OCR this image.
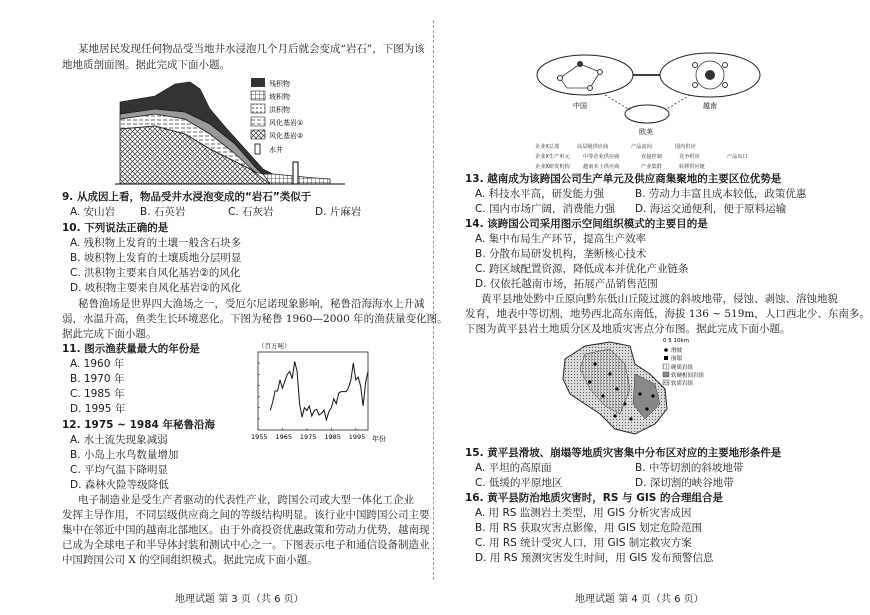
某地居民发现任何物品受当地井水浸泡几个月后就会变成“岩石”，下图为该
地地质剖面图。据此完成下面小题。
残积物
坡积物
洪积物
风化基岩①
风化基岩②
水井
9. 从成因上看，物品受井水浸泡变成的“岩石”类似于
A. 安山岩 B. 石英岩	C. 石灰岩	D. 片麻岩
10. 下列说法正确的是
A. 残积物上发育的土壤一般含石块多
B. 坡积物上发育的土壤质地分层明显
C. 洪积物主要来自风化基岩②的风化
D. 坡积物主要来自风化基岩②的风化
秘鲁渔场是世界四大渔场之一，受厄尔尼诺现象影响，秘鲁沿海海水上升减
弱，水温升高，鱼类生长环境恶化。下图为秘鲁 1960—2000 年的渔获量变化图。
据此完成下面小题。
11. 图示渔获量最大的年份是
A. 1960 年
B. 1970 年
C. 1985 年
D. 1995 年
12. 1975 ~ 1984 年秘鲁沿海
A. 水土流失现象减弱
B. 小岛上水鸟数量增加
C. 平均气温下降明显
D. 森林火险等级降低
（百万吨）
1955 1965 1975 1985 1995 年份
电子制造业是受生产者驱动的代表性产业，跨国公司或大型一体化工企业
发挥主导作用，不同层级供应商之间的等级结构明显。该行业中国跨国公司主要
集中在邻近中国的越南北部地区。由于外商投资优惠政策和劳动力优势，越南现
已成为全球电子和半导体封装和测试中心之一。下图表示电子和通信设备制造业
中国跨国公司 X 的空间组织模式。据此完成下面小题。
地理试题 第 3 页（共 6 页）
中国	越南
欧美
企业X总部	高层级供应商	产品流向	国内供应
企业X生产单元	中等企业供应商	直接控制	竞争供应	产品出口
企业X研发机构	越南本土供应商	产业集群	转移供应链
13. 越南成为该跨国公司生产单元及供应商集聚地的主要区位优势是
A. 科技水平高，研发能力强	B. 劳动力丰富且成本较低，政策优惠
C. 国内市场广阔，消费能力强 D. 海运交通便利，便于原料运输
14. 该跨国公司采用图示空间组织模式的主要目的是
A. 集中布局生产环节，提高生产效率
B. 分散布局研发机构，垄断核心技术
C. 跨区域配置资源，降低成本并优化产业链条
D. 仅依托越南市场，拓展产品销售范围
黄平县地处黔中丘原向黔东低山丘陵过渡的斜坡地带，侵蚀、剥蚀、溶蚀地貌
发育，地表中等切割，地势西北高东南低，海拔 136 ~ 519m，人口西北少、东南多。
下图为黄平县岩土地质分区及地质灾害点分布图。据此完成下面小题。
0 5 10km
滑坡
崩塌
硬质岩组
软硬相间岩组
软质岩组
15. 黄平县滑坡、崩塌等地质灾害集中分布区对应的主要地形条件是
A. 平坦的高原面	B. 中等切割的斜坡地带
C. 低缓的平原地区	D. 深切割的峡谷地带
16. 黄平县防治地质灾害时，RS 与 GIS 的合理组合是
A. 用 RS 监测岩土类型，用 GIS 分析灾害成因
B. 用 RS 获取灾害点影像，用 GIS 划定危险范围
C. 用 RS 统计受灾人口，用 GIS 制定救灾方案
D. 用 RS 预测灾害发生时间，用 GIS 发布预警信息
地理试题 第 4 页（共 6 页）
